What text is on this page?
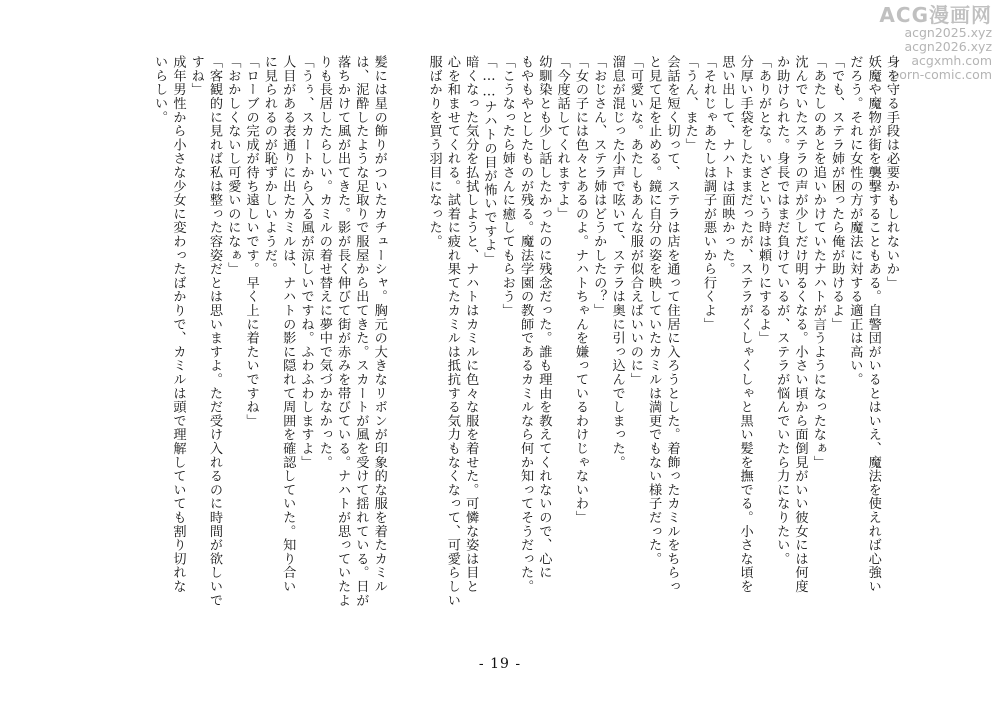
ACG漫画网
acgn2025.xyz
acgn2026.xyz
acgxmh.com
porn-comic.com
身を守る手段は必要かもしれないか」
妖魔や魔物が街を襲撃することもある。自警団がいるとはいえ、魔法を使えれば心強い
だろう。それに女性の方が魔法に対する適正は高い。
「でも、ステラ姉が困ったら俺が助けるよ」
「あたしのあとを追いかけていたナハトが言うようになったなぁ」
沈んでいたステラの声が少しだけ明るくなる。小さい頃から面倒見がいい彼女には何度
か助けられた。身長ではまだ負けているが、ステラが悩んでいたら力になりたい。
「ありがとな。いざという時は頼りにするよ」
分厚い手袋をしたままだったが、ステラがくしゃくしゃと黒い髪を撫でる。小さな頃を
思い出して、ナハトは面映かった。
「それじゃあたしは調子が悪いから行くよ」
「うん、また」
会話を短く切って、ステラは店を通って住居に入ろうとした。着飾ったカミルをちらっ
と見て足を止める。鏡に自分の姿を映していたカミルは満更でもない様子だった。
「可愛いな。あたしもあんな服が似合えばいいのに」
溜息が混じった小声で呟いて、ステラは奥に引っ込んでしまった。
「おじさん、ステラ姉はどうかしたの？」
「女の子には色々とあるのよ。ナハトちゃんを嫌っているわけじゃないわ」
「今度話してくれますよ」
幼馴染とも少し話したかったのに残念だった。誰も理由を教えてくれないので、心に
もやもやとしたものが残る。魔法学園の教師であるカミルなら何か知ってそうだった。
「こうなったら姉さんに癒してもらおう」
「……ナハトの目が怖いですよ」
暗くなった気分を払拭しようと、ナハトはカミルに色々な服を着せた。可憐な姿は目と
心を和ませてくれる。試着に疲れ果てたカミルは抵抗する気力もなくなって、可愛らしい
服ばかりを買う羽目になった。

髪には星の飾りがついたカチューシャ。胸元の大きなリボンが印象的な服を着たカミル
は、泥酔したような足取りで服屋から出てきた。スカートが風を受けて揺れている。日が
落ちかけて風が出てきた。影が長く伸びて街が赤みを帯びている。ナハトが思っていたよ
りも長居したらしい。カミルの着せ替えに夢中で気づかなかった。
「うぅ、スカートから入る風が涼しいですね。ふわふわしますよ」
人目がある表通りに出たカミルは、ナハトの影に隠れて周囲を確認していた。知り合い
に見られるのが恥ずかしいようだ。
「ローブの完成が待ち遠しいです。早く上に着たいですね」
「おかしくないし可愛いのになぁ」
「客観的に見れば私は整った容姿だとは思いますよ。ただ受け入れるのに時間が欲しいで
すね」
成年男性から小さな少女に変わったばかりで、カミルは頭で理解していても割り切れな
いらしい。
- 19 -
